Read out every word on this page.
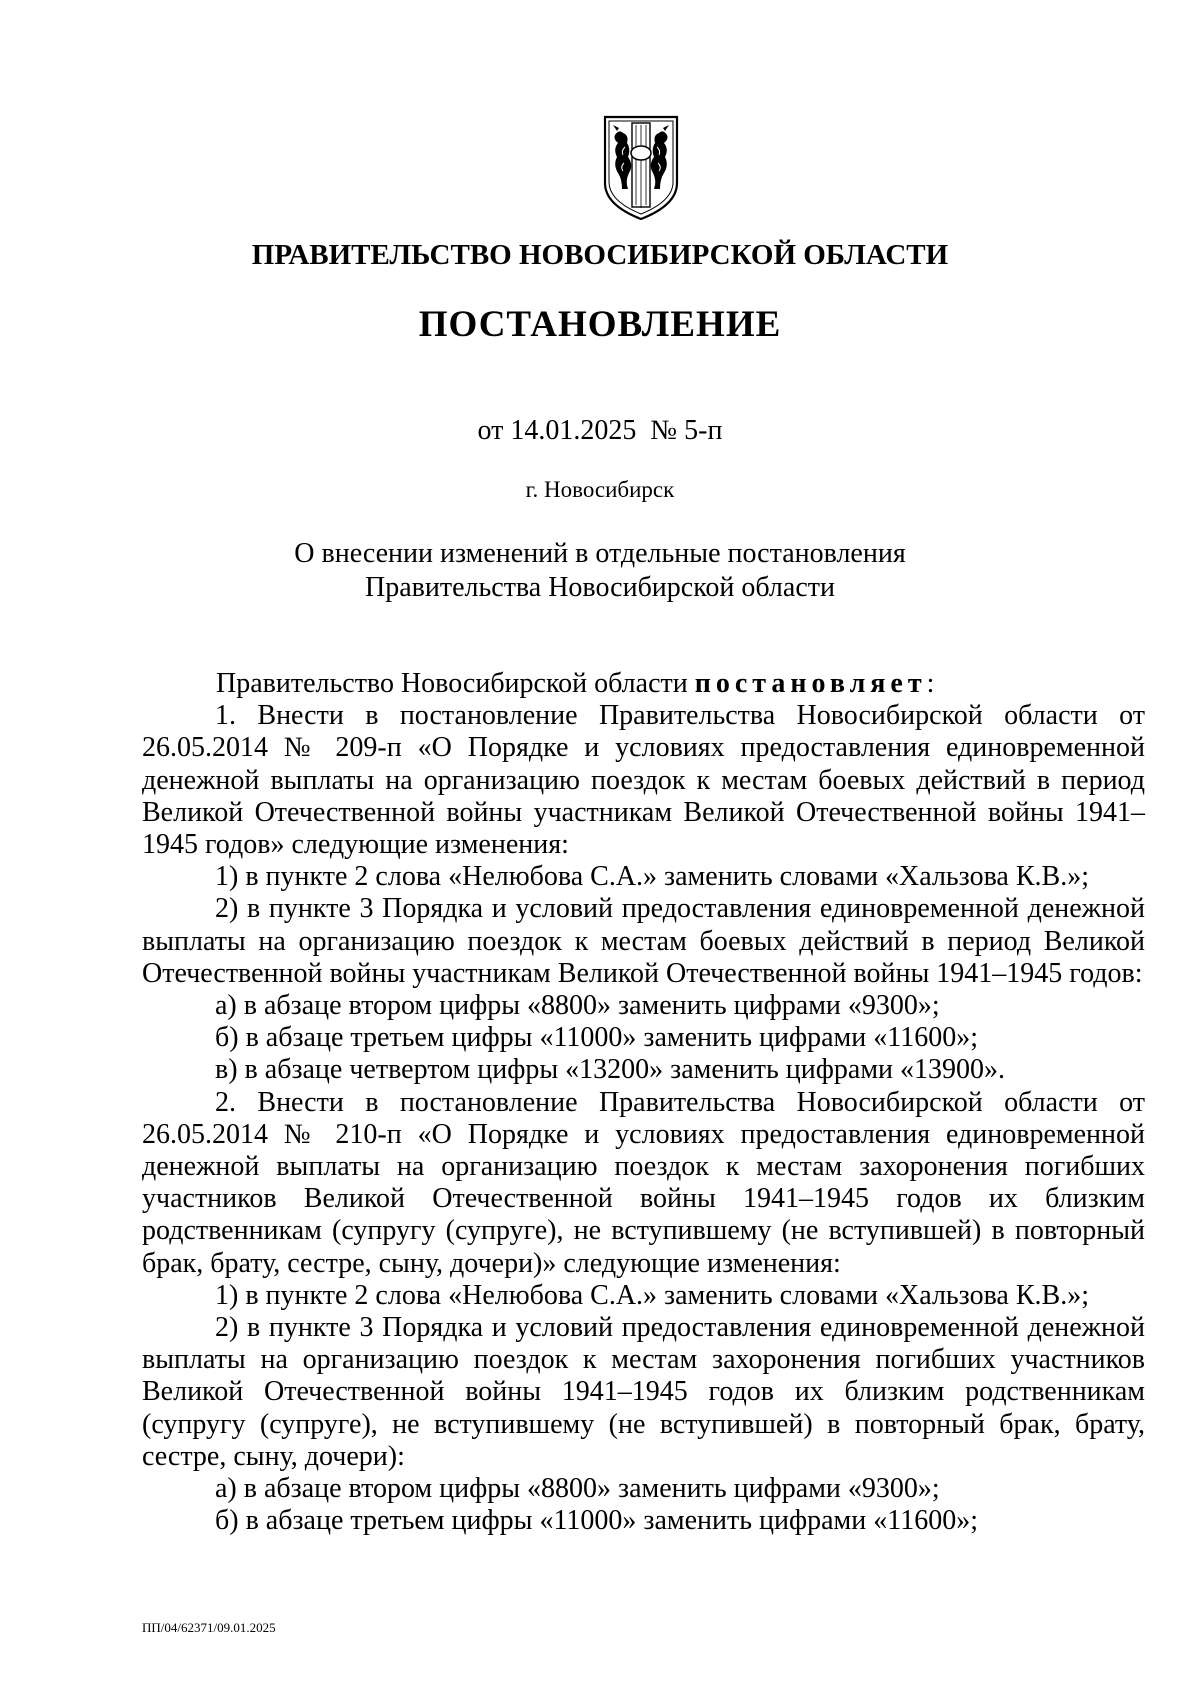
ПРАВИТЕЛЬСТВО НОВОСИБИРСКОЙ ОБЛАСТИ
ПОСТАНОВЛЕНИЕ
от 14.01.2025 № 5-п
г. Новосибирск
О внесении изменений в отдельные постановления
Правительства Новосибирской области

Правительство Новосибирской области постановляет:

1. Внести в постановление Правительства Новосибирской области от 26.05.2014 № 209-п «О Порядке и условиях предоставления единовременной денежной выплаты на организацию поездок к местам боевых действий в период Великой Отечественной войны участникам Великой Отечественной войны 1941–1945 годов» следующие изменения:

1) в пункте 2 слова «Нелюбова С.А.» заменить словами «Хальзова К.В.»;

2) в пункте 3 Порядка и условий предоставления единовременной денежной выплаты на организацию поездок к местам боевых действий в период Великой Отечественной войны участникам Великой Отечественной войны 1941–1945 годов:

а) в абзаце втором цифры «8800» заменить цифрами «9300»;

б) в абзаце третьем цифры «11000» заменить цифрами «11600»;

в) в абзаце четвертом цифры «13200» заменить цифрами «13900».

2. Внести в постановление Правительства Новосибирской области от 26.05.2014 № 210-п «О Порядке и условиях предоставления единовременной денежной выплаты на организацию поездок к местам захоронения погибших участников Великой Отечественной войны 1941–1945 годов их близким родственникам (супругу (супруге), не вступившему (не вступившей) в повторный брак, брату, сестре, сыну, дочери)» следующие изменения:

1) в пункте 2 слова «Нелюбова С.А.» заменить словами «Хальзова К.В.»;

2) в пункте 3 Порядка и условий предоставления единовременной денежной выплаты на организацию поездок к местам захоронения погибших участников Великой Отечественной войны 1941–1945 годов их близким родственникам (супругу (супруге), не вступившему (не вступившей) в повторный брак, брату, сестре, сыну, дочери):

а) в абзаце втором цифры «8800» заменить цифрами «9300»;

б) в абзаце третьем цифры «11000» заменить цифрами «11600»;

ПП/04/62371/09.01.2025
